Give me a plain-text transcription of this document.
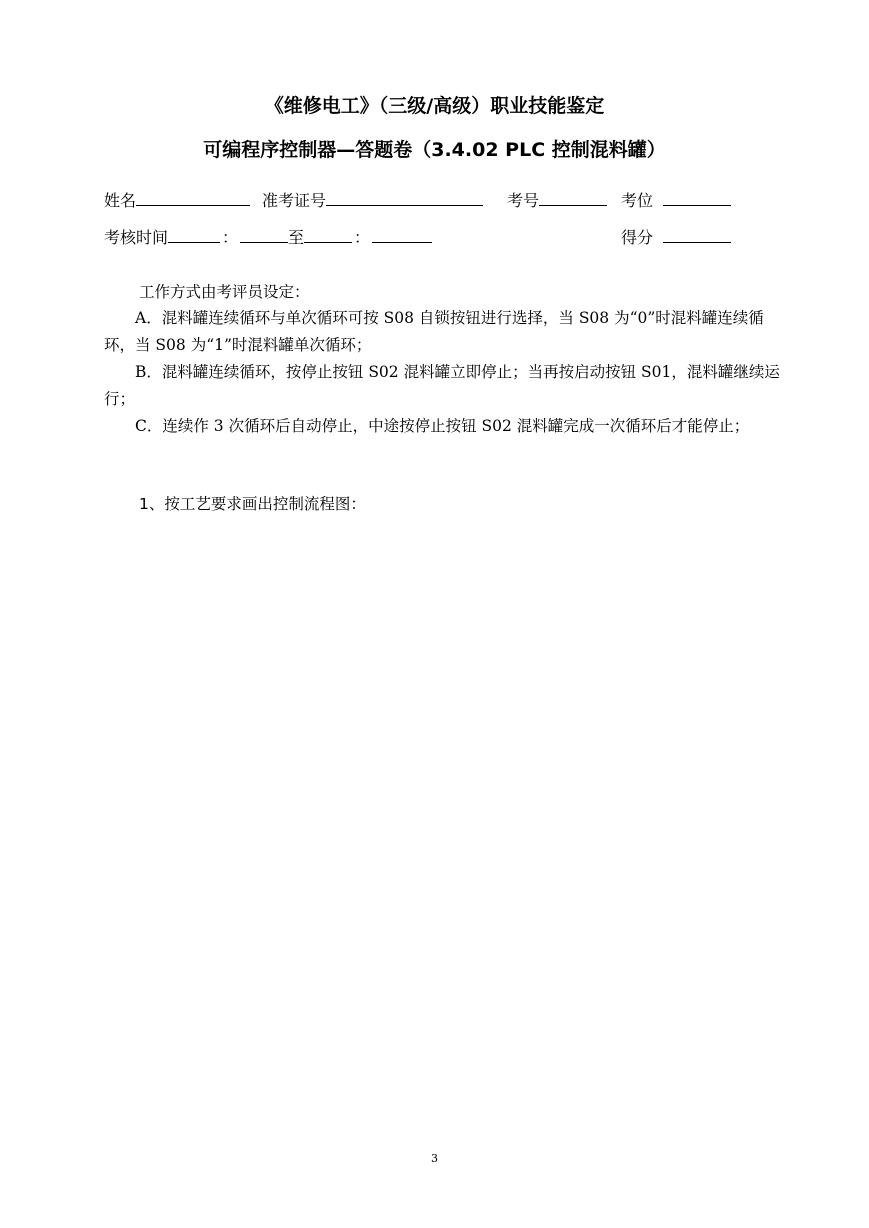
《维修电工》（三级/高级）职业技能鉴定
可编程序控制器—答题卷（3.4.02 PLC 控制混料罐）
姓名	准考证号	考号	考位
考核时间	：	至	：	得分
工作方式由考评员设定：
A．混料罐连续循环与单次循环可按 S08 自锁按钮进行选择，当 S08 为“0”时混料罐连续循环，当 S08 为“1”时混料罐单次循环；
B．混料罐连续循环，按停止按钮 S02 混料罐立即停止；当再按启动按钮 S01，混料罐继续运行；
C．连续作 3 次循环后自动停止，中途按停止按钮 S02 混料罐完成一次循环后才能停止；
1、按工艺要求画出控制流程图：
3
